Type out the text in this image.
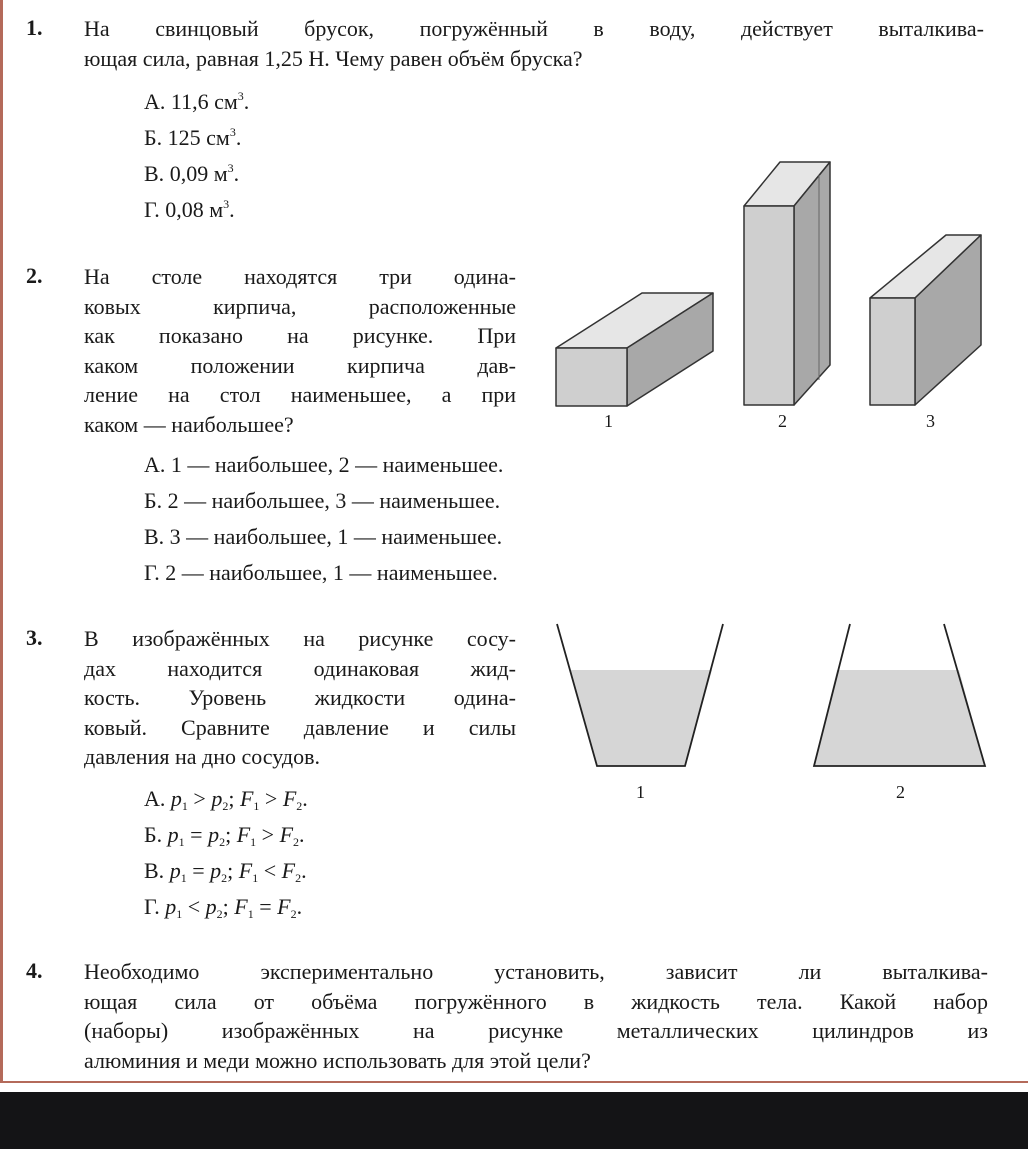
1. На свинцовый брусок, погружённый в воду, действует выталкива-
ющая сила, равная 1,25 Н. Чему равен объём бруска?
А. 11,6 $см^3$.
Б. 125 $см^3$.
В. 0,09 $м^3$.
Г. 0,08 $м^3$.
2. На столе находятся три одина-
ковых кирпича, расположенные
как показано на рисунке. При
каком положении кирпича дав-
ление на стол наименьшее, а при
каком — наибольшее?	1	2	3
А. 1 — наибольшее, 2 — наименьшее.
Б. 2 — наибольшее, 3 — наименьшее.
В. 3 — наибольшее, 1 — наименьшее.
Г. 2 — наибольшее, 1 — наименьшее.
3. В изображённых на рисунке сосу-
дах находится одинаковая жид-
кость. Уровень жидкости одина-
ковый. Сравните давление и силы
давления на дно сосудов.
1	2
А. $p_1 > p_2$; $F_1 > F_2$.
Б. $p_1 = p_2$; $F_1 > F_2$.
В. $p_1 = p_2$; $F_1 < F_2$.
Г. $p_1 < p_2$; $F_1 = F_2$.
4. Необходимо экспериментально установить, зависит ли выталкива-
ющая сила от объёма погружённого в жидкость тела. Какой набор
(наборы) изображённых на рисунке металлических цилиндров из
алюминия и меди можно использовать для этой цели?
